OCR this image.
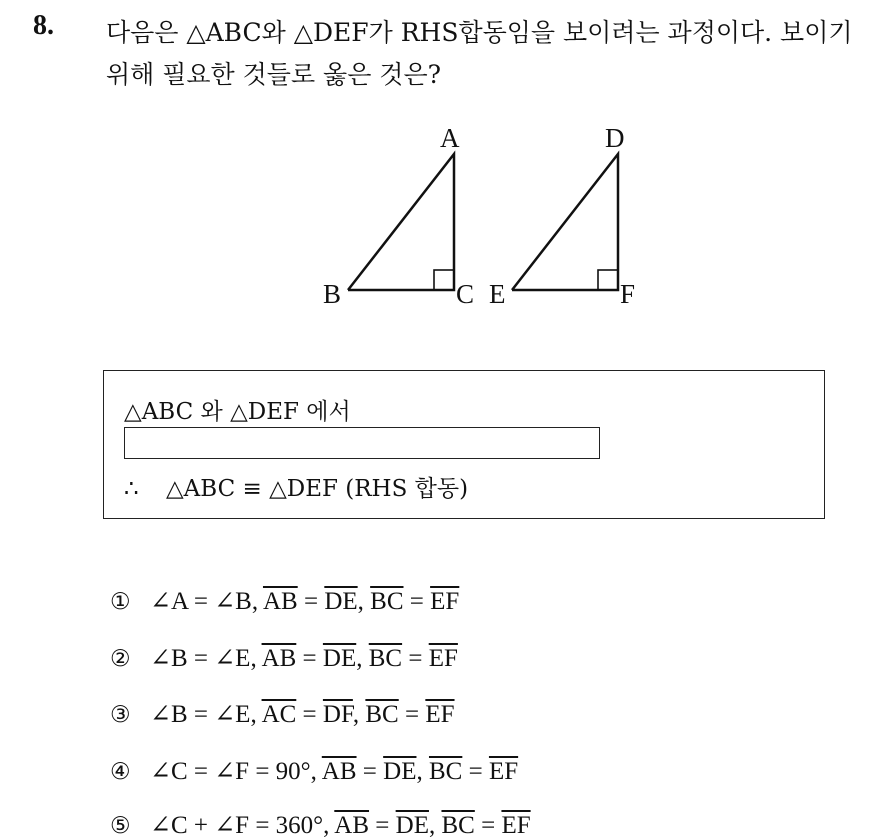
8. 다음은 △ABC와 △DEF가 RHS합동임을 보이려는 과정이다. 보이기
위해 필요한 것들로 옳은 것은?
A
B	C
D
E	F
△ABC 와 △DEF 에서
∴ △ABC ≡ △DEF (RHS 합동)
① ∠A = ∠B, $\overline{AB} = \overline{DE}$, $\overline{BC} = \overline{EF}$
② ∠B = ∠E, $\overline{AB} = \overline{DE}$, $\overline{BC} = \overline{EF}$
③ ∠B = ∠E, $\overline{AC} = \overline{DF}$, $\overline{BC} = \overline{EF}$
④ ∠C = ∠F = 90°, $\overline{AB} = \overline{DE}$, $\overline{BC} = \overline{EF}$
⑤ ∠C + ∠F = 360°, $\overline{AB} = \overline{DE}$, $\overline{BC} = \overline{EF}$
